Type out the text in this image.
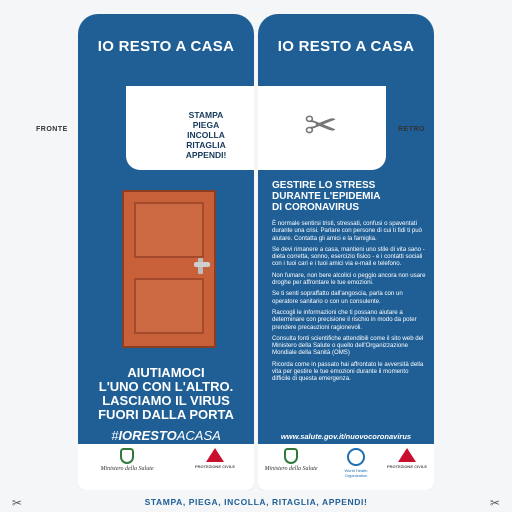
IO RESTO A CASA
STAMPA
PIEGA
INCOLLA
RITAGLIA
APPENDI!
AIUTIAMOCI
L'UNO CON L'ALTRO.
LASCIAMO IL VIRUS
FUORI DALLA PORTA
#IORESTOACASA
Ministero della Salute	PROTEZIONE CIVILE
FRONTE
IO RESTO A CASA
✂
GESTIRE LO STRESS
DURANTE L'EPIDEMIA
DI CORONAVIRUS

È normale sentirsi tristi, stressati, confusi o spaventati durante una crisi. Parlare con persone di cui ti fidi ti può aiutare. Contatta gli amici e la famiglia.

Se devi rimanere a casa, mantieni uno stile di vita sano - dieta corretta, sonno, esercizio fisico - e i contatti sociali con i tuoi cari e i tuoi amici via e-mail e telefono.

Non fumare, non bere alcolici o peggio ancora non usare droghe per affrontare le tue emozioni.

Se ti senti sopraffatto dall'angoscia, parla con un operatore sanitario o con un consulente.

Raccogli le informazioni che ti possano aiutare a determinare con precisione il rischio in modo da poter prendere precauzioni ragionevoli.

Consulta fonti scientifiche attendibili come il sito web del Ministero della Salute o quello dell'Organizzazione Mondiale della Sanità (OMS)

Ricorda come in passato hai affrontato le avversità della vita per gestire le tue emozioni durante il momento difficile di questa emergenza.

www.salute.gov.it/nuovocoronavirus
Ministero della Salute	World Health
Organization
PROTEZIONE CIVILE
RETRO
✂	STAMPA, PIEGA, INCOLLA, RITAGLIA, APPENDI!	✂
